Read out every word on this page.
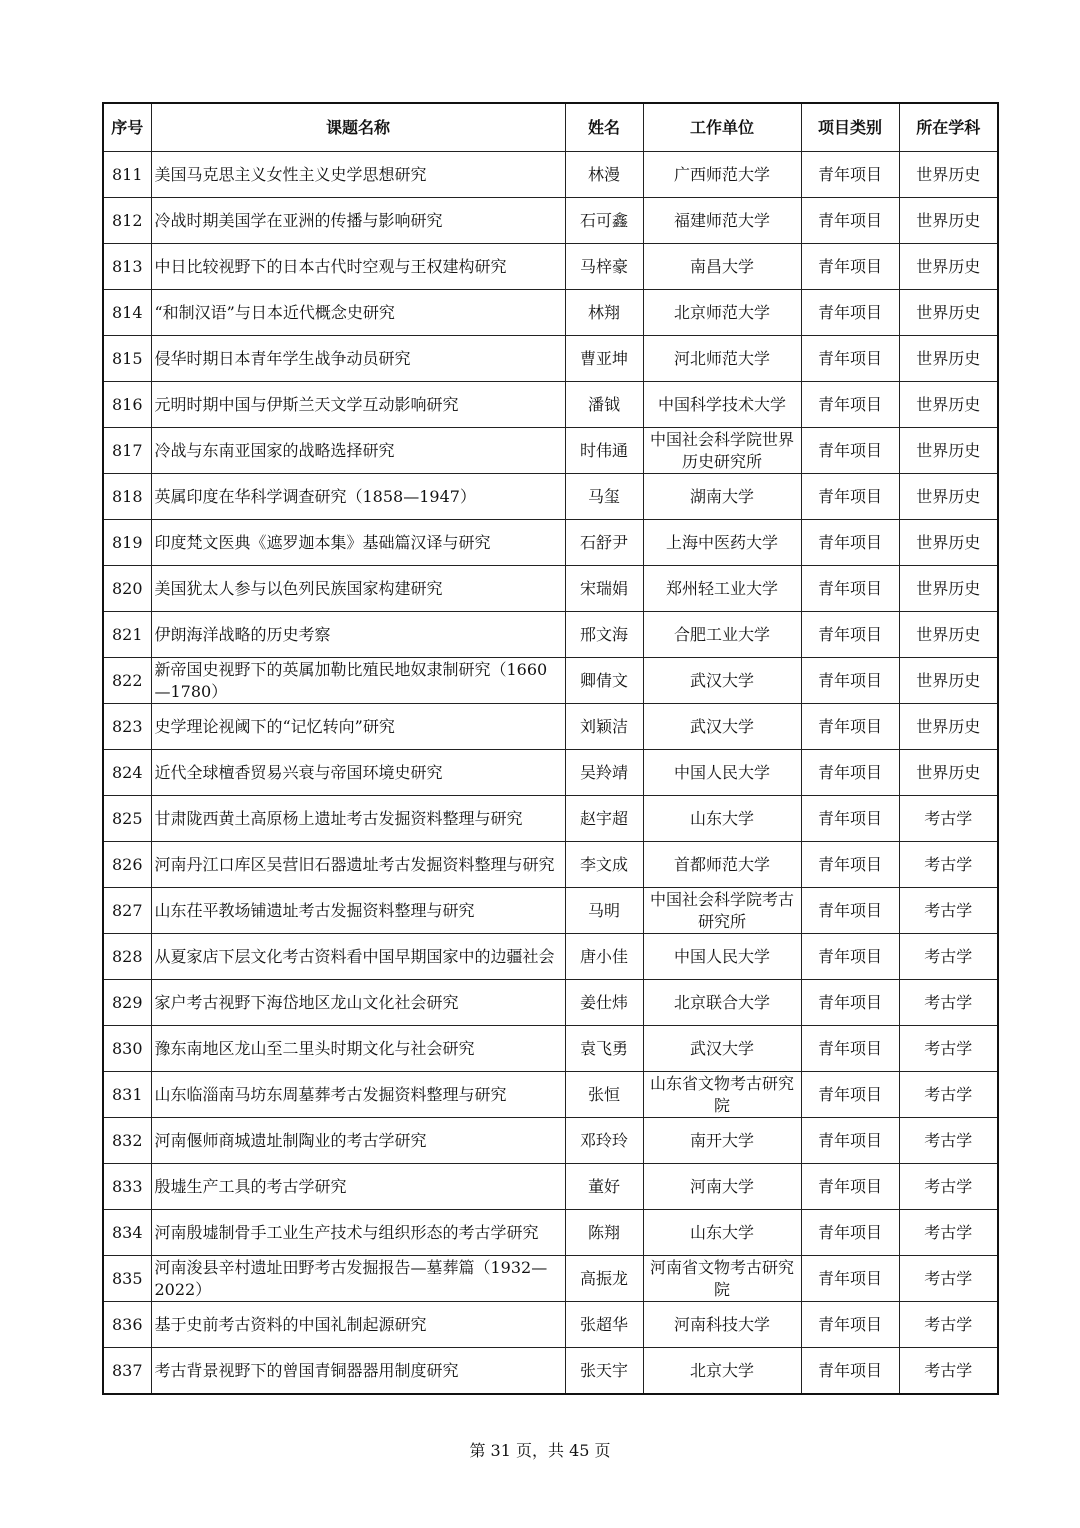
序号	课题名称	姓名	工作单位	项目类别	所在学科
811	美国马克思主义女性主义史学思想研究	林漫	广西师范大学	青年项目	世界历史
812	冷战时期美国学在亚洲的传播与影响研究	石可鑫	福建师范大学	青年项目	世界历史
813	中日比较视野下的日本古代时空观与王权建构研究	马梓豪	南昌大学	青年项目	世界历史
814	“和制汉语”与日本近代概念史研究	林翔	北京师范大学	青年项目	世界历史
815	侵华时期日本青年学生战争动员研究	曹亚坤	河北师范大学	青年项目	世界历史
816	元明时期中国与伊斯兰天文学互动影响研究	潘钺	中国科学技术大学	青年项目	世界历史
817	冷战与东南亚国家的战略选择研究	时伟通	中国社会科学院世界历史研究所	青年项目	世界历史
818	英属印度在华科学调查研究（1858—1947）	马玺	湖南大学	青年项目	世界历史
819	印度梵文医典《遮罗迦本集》基础篇汉译与研究	石舒尹	上海中医药大学	青年项目	世界历史
820	美国犹太人参与以色列民族国家构建研究	宋瑞娟	郑州轻工业大学	青年项目	世界历史
821	伊朗海洋战略的历史考察	邢文海	合肥工业大学	青年项目	世界历史
822	新帝国史视野下的英属加勒比殖民地奴隶制研究（1660—1780）	卿倩文	武汉大学	青年项目	世界历史
823	史学理论视阈下的“记忆转向”研究	刘颖洁	武汉大学	青年项目	世界历史
824	近代全球檀香贸易兴衰与帝国环境史研究	吴羚靖	中国人民大学	青年项目	世界历史
825	甘肃陇西黄土高原杨上遗址考古发掘资料整理与研究	赵宇超	山东大学	青年项目	考古学
826	河南丹江口库区吴营旧石器遗址考古发掘资料整理与研究	李文成	首都师范大学	青年项目	考古学
827	山东茌平教场铺遗址考古发掘资料整理与研究	马明	中国社会科学院考古研究所	青年项目	考古学
828	从夏家店下层文化考古资料看中国早期国家中的边疆社会	唐小佳	中国人民大学	青年项目	考古学
829	家户考古视野下海岱地区龙山文化社会研究	姜仕炜	北京联合大学	青年项目	考古学
830	豫东南地区龙山至二里头时期文化与社会研究	袁飞勇	武汉大学	青年项目	考古学
831	山东临淄南马坊东周墓葬考古发掘资料整理与研究	张恒	山东省文物考古研究院	青年项目	考古学
832	河南偃师商城遗址制陶业的考古学研究	邓玲玲	南开大学	青年项目	考古学
833	殷墟生产工具的考古学研究	董好	河南大学	青年项目	考古学
834	河南殷墟制骨手工业生产技术与组织形态的考古学研究	陈翔	山东大学	青年项目	考古学
835	河南浚县辛村遗址田野考古发掘报告—墓葬篇（1932—2022）	高振龙	河南省文物考古研究院	青年项目	考古学
836	基于史前考古资料的中国礼制起源研究	张超华	河南科技大学	青年项目	考古学
837	考古背景视野下的曾国青铜器器用制度研究	张天宇	北京大学	青年项目	考古学
第 31 页，共 45 页
